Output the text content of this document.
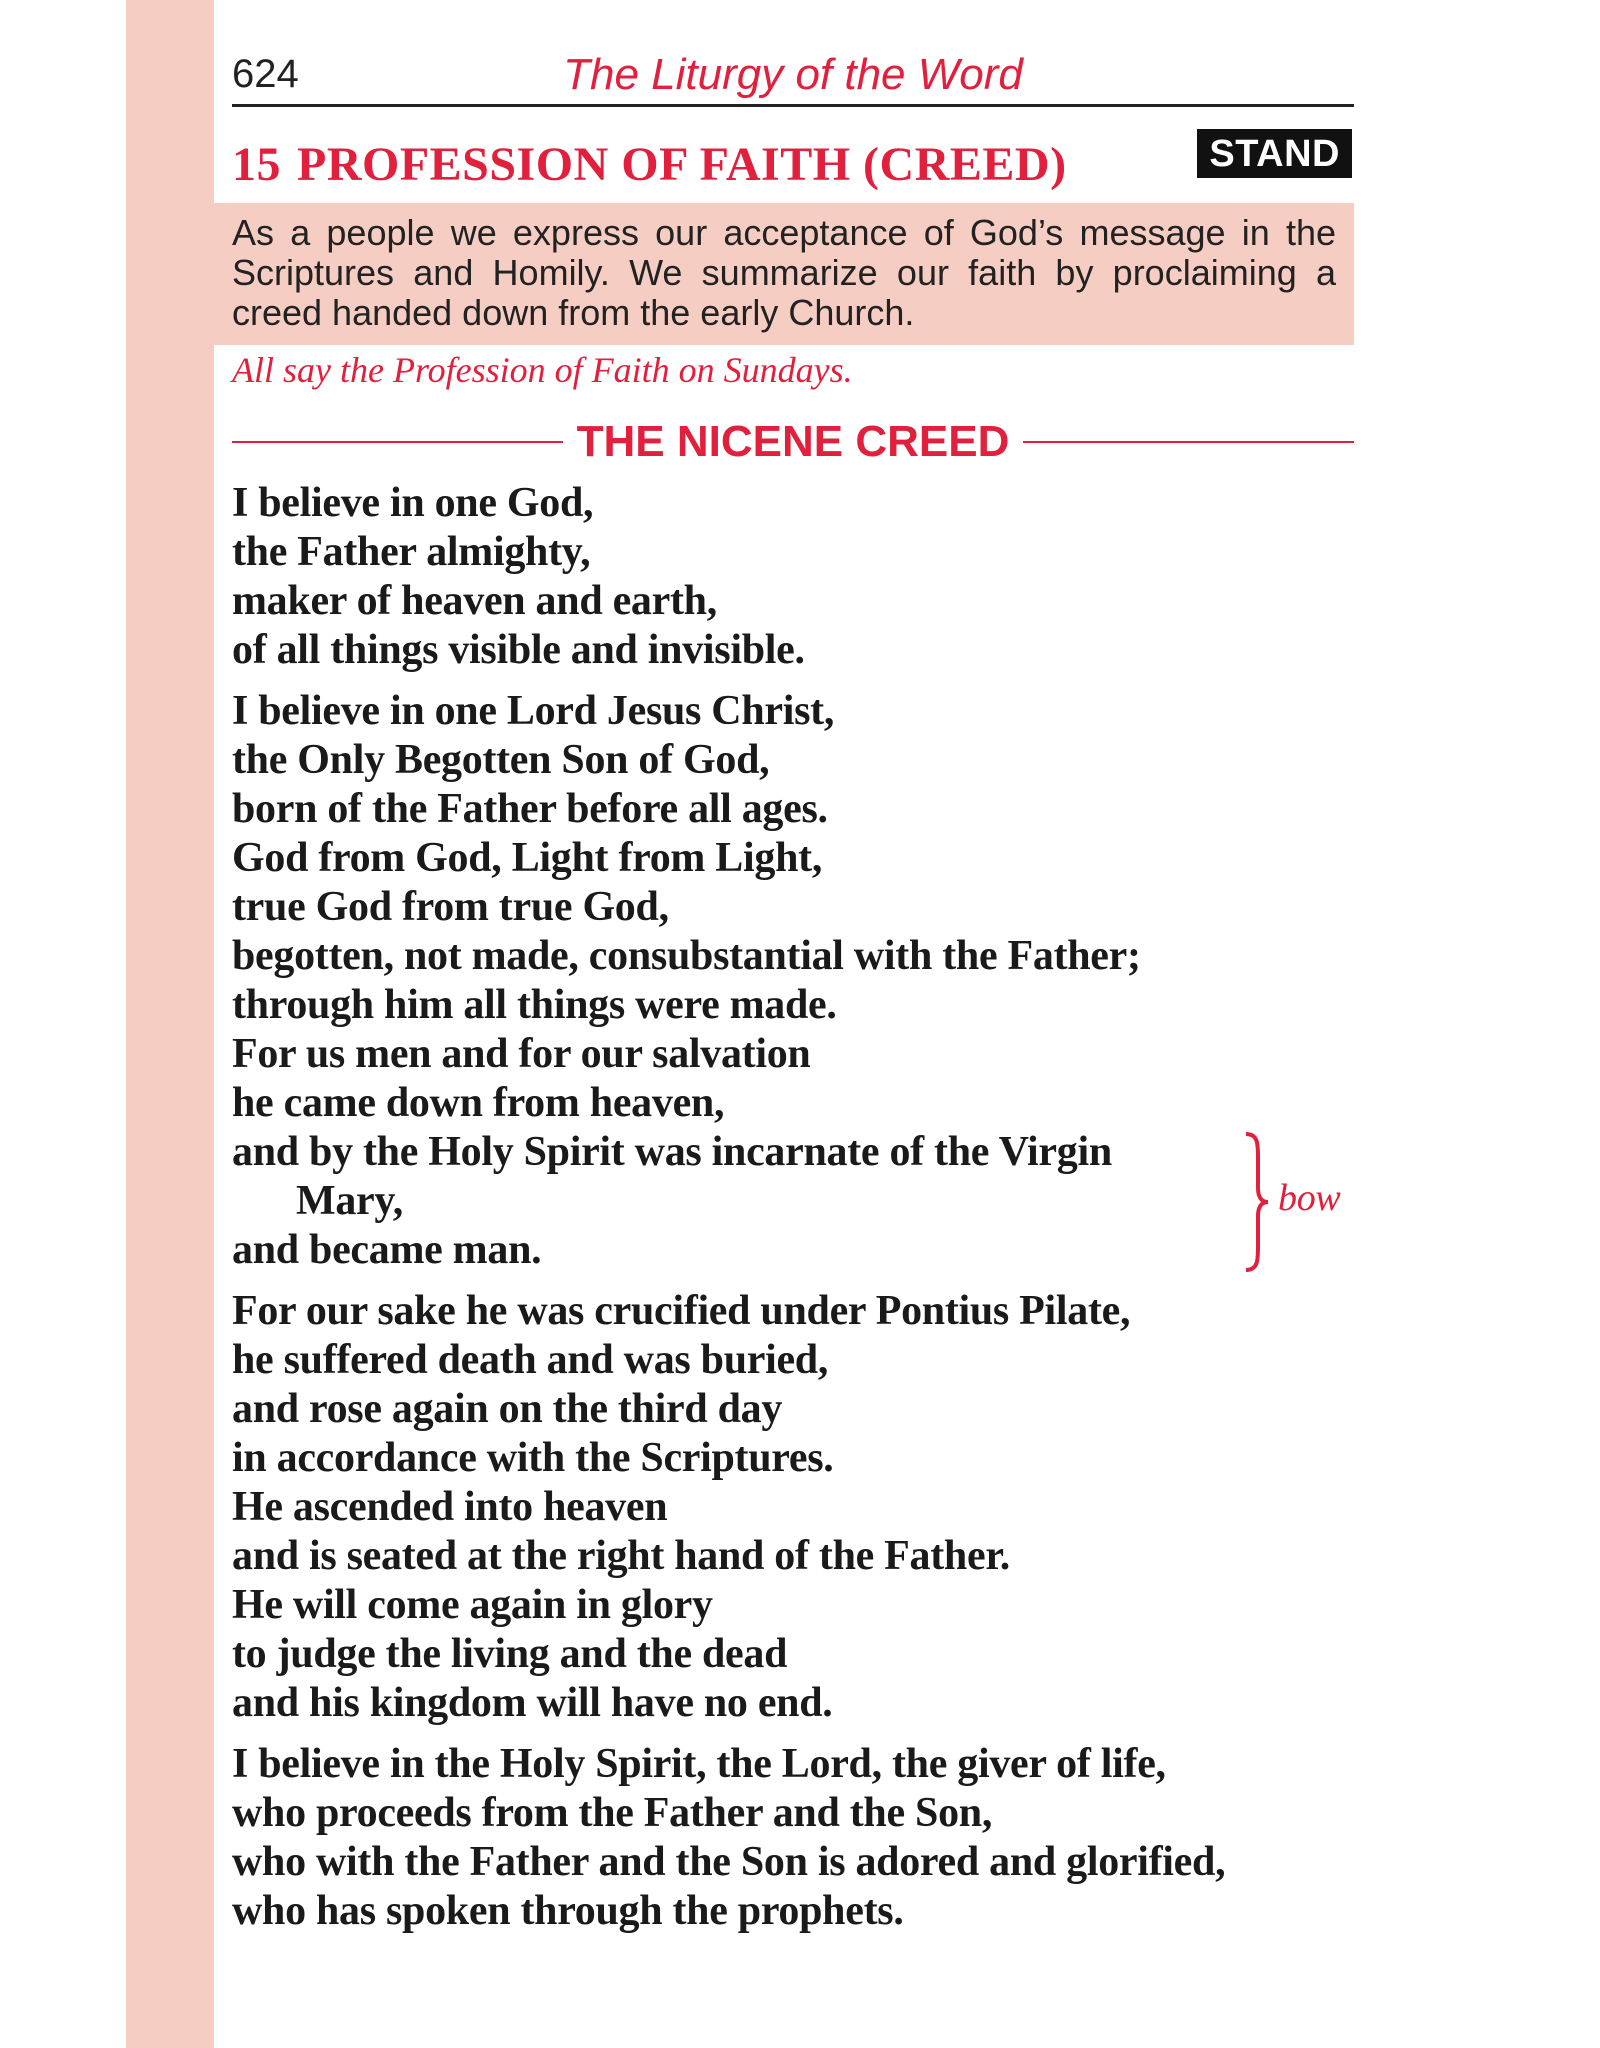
624	The Liturgy of the Word
15 PROFESSION OF FAITH (CREED)	STAND
As a people we express our acceptance of God’s message in the Scriptures and Homily. We summarize our faith by proclaiming a creed handed down from the early Church.
All say the Profession of Faith on Sundays.
THE NICENE CREED
I believe in one God,
the Father almighty,
maker of heaven and earth,
of all things visible and invisible.
I believe in one Lord Jesus Christ,
the Only Begotten Son of God,
born of the Father before all ages.
God from God, Light from Light,
true God from true God,
begotten, not made, consubstantial with the Father;
through him all things were made.
For us men and for our salvation
he came down from heaven,
and by the Holy Spirit was incarnate of the Virgin
Mary,
and became man.
bow
For our sake he was crucified under Pontius Pilate,
he suffered death and was buried,
and rose again on the third day
in accordance with the Scriptures.
He ascended into heaven
and is seated at the right hand of the Father.
He will come again in glory
to judge the living and the dead
and his kingdom will have no end.
I believe in the Holy Spirit, the Lord, the giver of life,
who proceeds from the Father and the Son,
who with the Father and the Son is adored and glorified,
who has spoken through the prophets.
